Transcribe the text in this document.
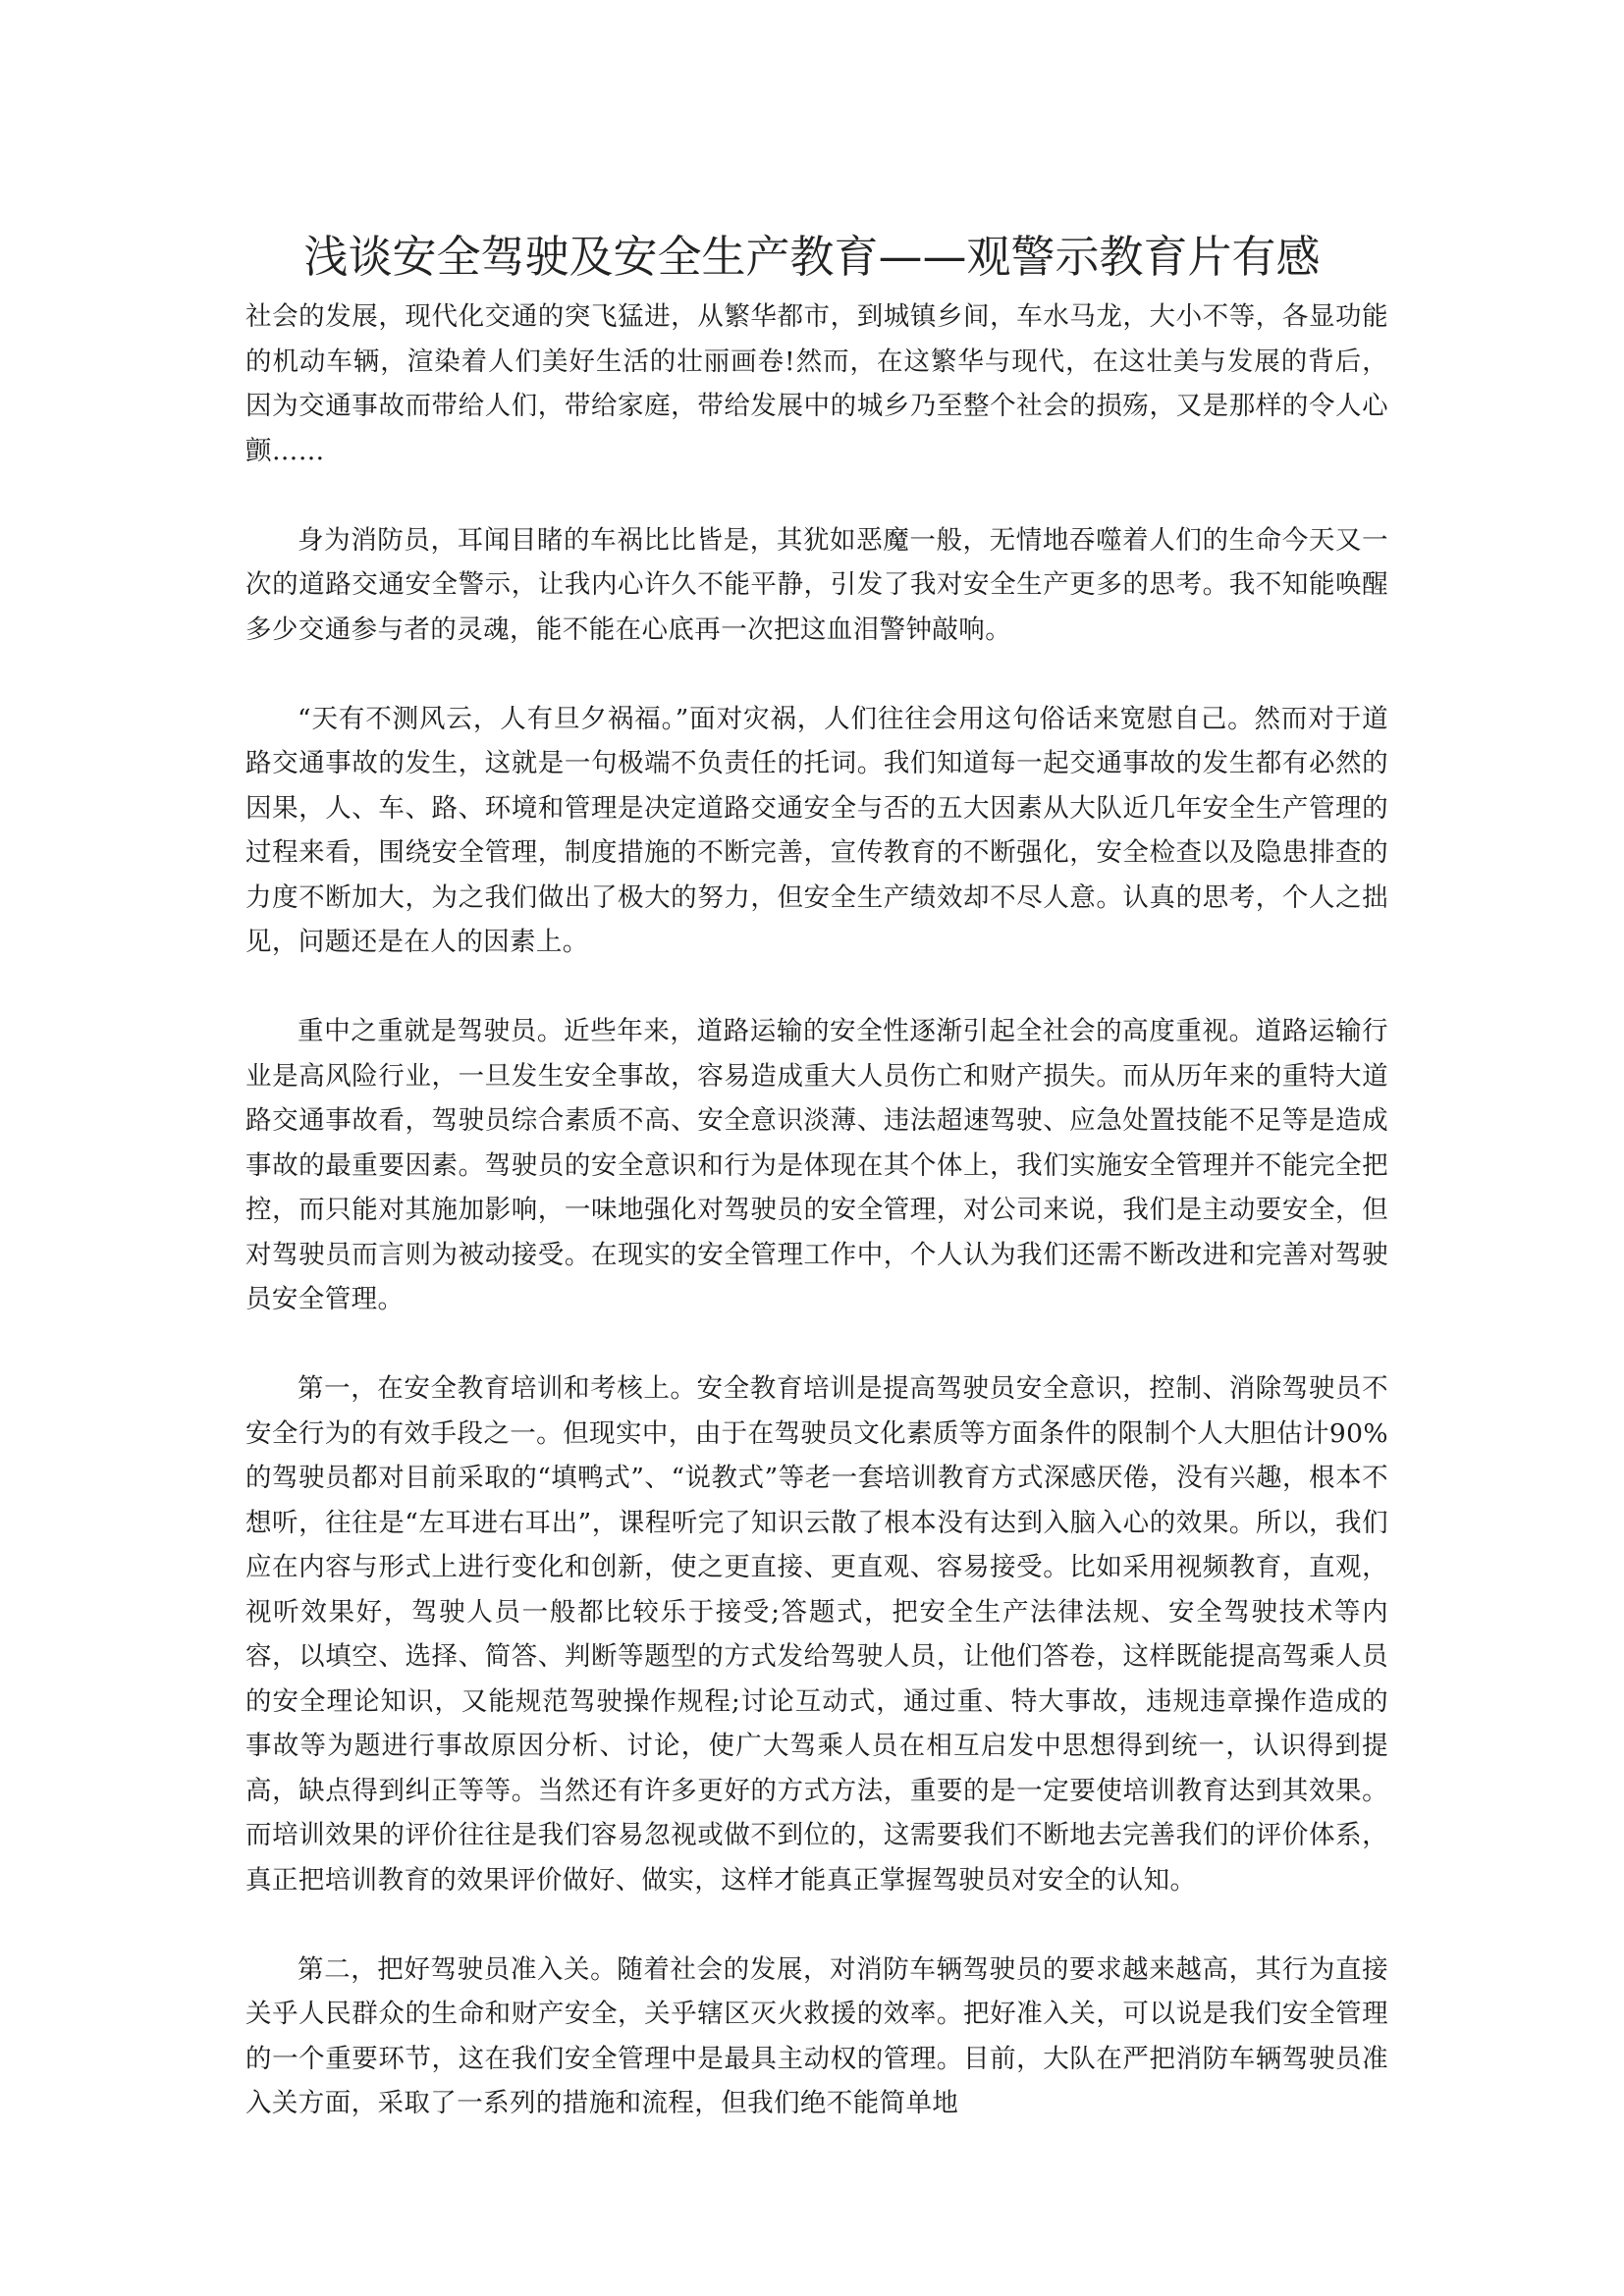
浅谈安全驾驶及安全生产教育——观警示教育片有感

社会的发展，现代化交通的突飞猛进，从繁华都市，到城镇乡间，车水马龙，大小不等，各显功能的机动车辆，渲染着人们美好生活的壮丽画卷!然而，在这繁华与现代，在这壮美与发展的背后，因为交通事故而带给人们，带给家庭，带给发展中的城乡乃至整个社会的损殇，又是那样的令人心颤……

身为消防员，耳闻目睹的车祸比比皆是，其犹如恶魔一般，无情地吞噬着人们的生命今天又一次的道路交通安全警示，让我内心许久不能平静，引发了我对安全生产更多的思考。我不知能唤醒多少交通参与者的灵魂，能不能在心底再一次把这血泪警钟敲响。

“天有不测风云，人有旦夕祸福。”面对灾祸，人们往往会用这句俗话来宽慰自己。然而对于道路交通事故的发生，这就是一句极端不负责任的托词。我们知道每一起交通事故的发生都有必然的因果，人、车、路、环境和管理是决定道路交通安全与否的五大因素从大队近几年安全生产管理的过程来看，围绕安全管理，制度措施的不断完善，宣传教育的不断强化，安全检查以及隐患排查的力度不断加大，为之我们做出了极大的努力，但安全生产绩效却不尽人意。认真的思考，个人之拙见，问题还是在人的因素上。

重中之重就是驾驶员。近些年来，道路运输的安全性逐渐引起全社会的高度重视。道路运输行业是高风险行业，一旦发生安全事故，容易造成重大人员伤亡和财产损失。而从历年来的重特大道路交通事故看，驾驶员综合素质不高、安全意识淡薄、违法超速驾驶、应急处置技能不足等是造成事故的最重要因素。驾驶员的安全意识和行为是体现在其个体上，我们实施安全管理并不能完全把控，而只能对其施加影响，一味地强化对驾驶员的安全管理，对公司来说，我们是主动要安全，但对驾驶员而言则为被动接受。在现实的安全管理工作中，个人认为我们还需不断改进和完善对驾驶员安全管理。

第一，在安全教育培训和考核上。安全教育培训是提高驾驶员安全意识，控制、消除驾驶员不安全行为的有效手段之一。但现实中，由于在驾驶员文化素质等方面条件的限制个人大胆估计90%的驾驶员都对目前采取的“填鸭式”、“说教式”等老一套培训教育方式深感厌倦，没有兴趣，根本不想听，往往是“左耳进右耳出”，课程听完了知识云散了根本没有达到入脑入心的效果。所以，我们应在内容与形式上进行变化和创新，使之更直接、更直观、容易接受。比如采用视频教育，直观，视听效果好，驾驶人员一般都比较乐于接受;答题式，把安全生产法律法规、安全驾驶技术等内容，以填空、选择、简答、判断等题型的方式发给驾驶人员，让他们答卷，这样既能提高驾乘人员的安全理论知识，又能规范驾驶操作规程;讨论互动式，通过重、特大事故，违规违章操作造成的事故等为题进行事故原因分析、讨论，使广大驾乘人员在相互启发中思想得到统一，认识得到提高，缺点得到纠正等等。当然还有许多更好的方式方法，重要的是一定要使培训教育达到其效果。而培训效果的评价往往是我们容易忽视或做不到位的，这需要我们不断地去完善我们的评价体系，真正把培训教育的效果评价做好、做实，这样才能真正掌握驾驶员对安全的认知。

第二，把好驾驶员准入关。随着社会的发展，对消防车辆驾驶员的要求越来越高，其行为直接关乎人民群众的生命和财产安全，关乎辖区灭火救援的效率。把好准入关，可以说是我们安全管理的一个重要环节，这在我们安全管理中是最具主动权的管理。目前，大队在严把消防车辆驾驶员准入关方面，采取了一系列的措施和流程，但我们绝不能简单地
